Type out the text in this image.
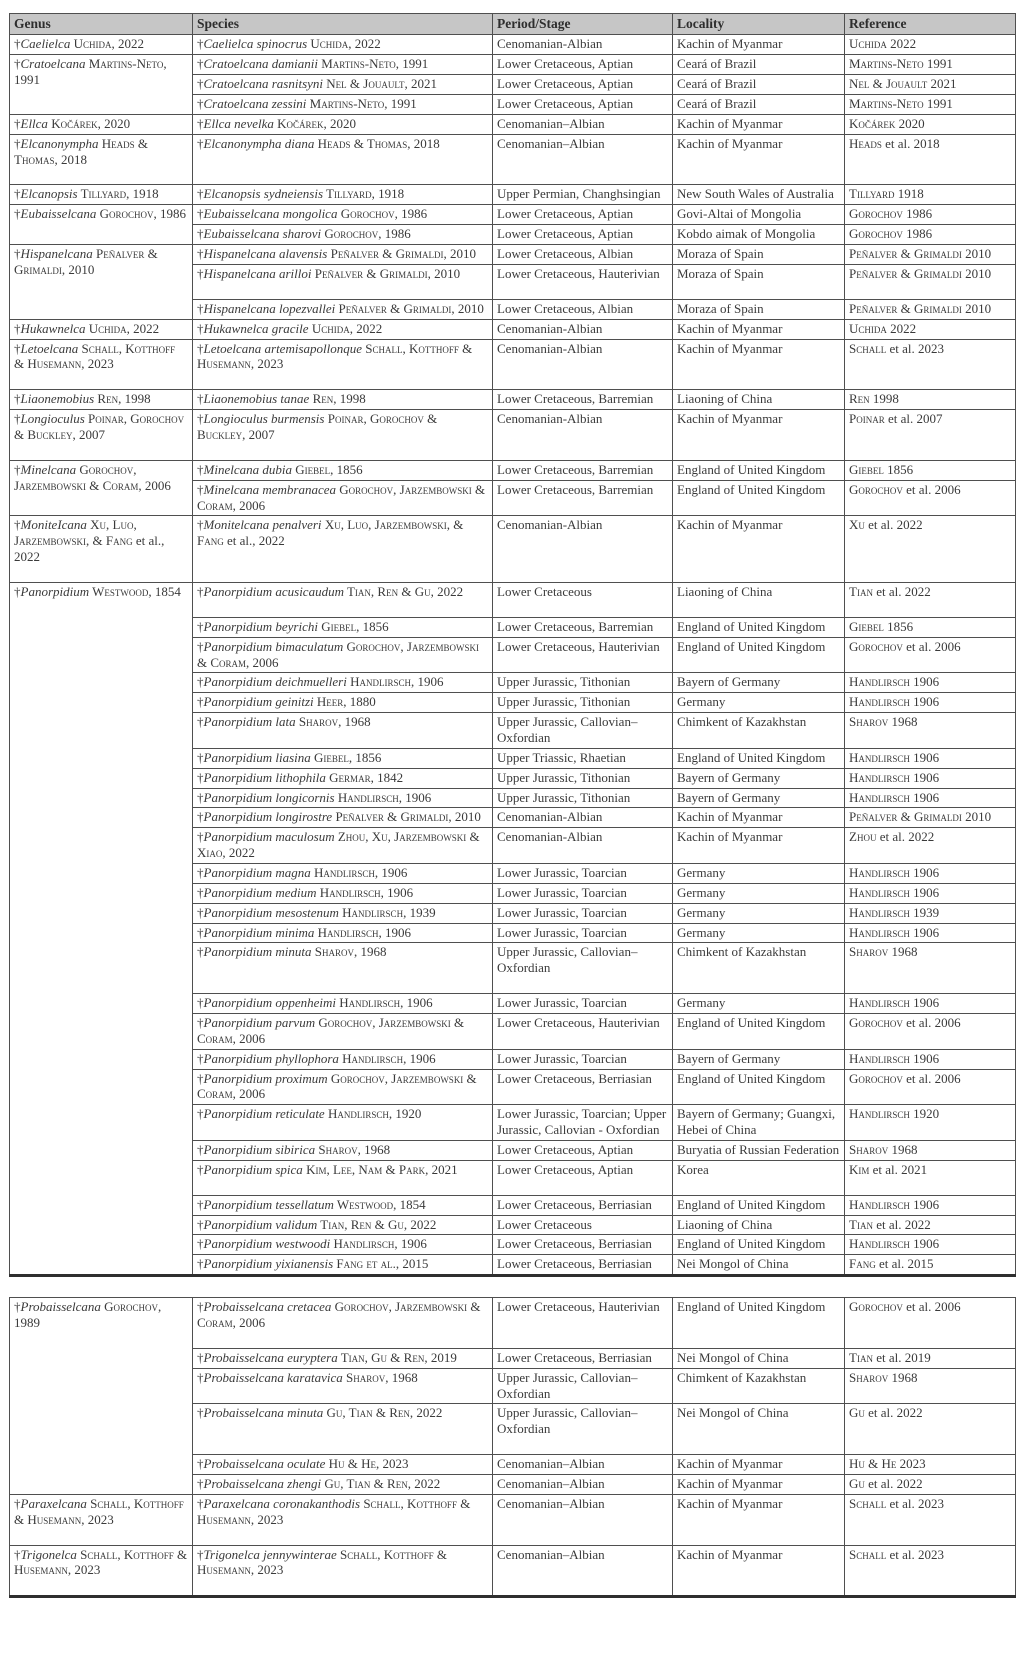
Genus	Species	Period/Stage	Locality	Reference
†Caelielca Uchida, 2022	†Caelielca spinocrus Uchida, 2022	Cenomanian-Albian	Kachin of Myanmar	Uchida 2022
†Cratoelcana Martins-Neto, 1991	†Cratoelcana damianii Martins-Neto, 1991	Lower Cretaceous, Aptian	Ceará of Brazil	Martins-Neto 1991
	†Cratoelcana rasnitsyni Nel & Jouault, 2021	Lower Cretaceous, Aptian	Ceará of Brazil	Nel & Jouault 2021
	†Cratoelcana zessini Martins-Neto, 1991	Lower Cretaceous, Aptian	Ceará of Brazil	Martins-Neto 1991
†Ellca Kočárek, 2020	†Ellca nevelka Kočárek, 2020	Cenomanian–Albian	Kachin of Myanmar	Kočárek 2020
†Elcanonympha Heads & Thomas, 2018	†Elcanonympha diana Heads & Thomas, 2018	Cenomanian–Albian	Kachin of Myanmar	Heads et al. 2018
†Elcanopsis Tillyard, 1918	†Elcanopsis sydneiensis Tillyard, 1918	Upper Permian, Changhsingian	New South Wales of Australia	Tillyard 1918
†Eubaisselcana Gorochov, 1986	†Eubaisselcana mongolica Gorochov, 1986	Lower Cretaceous, Aptian	Govi-Altai of Mongolia	Gorochov 1986
	†Eubaisselcana sharovi Gorochov, 1986	Lower Cretaceous, Aptian	Kobdo aimak of Mongolia	Gorochov 1986
†Hispanelcana Peñalver & Grimaldi, 2010	†Hispanelcana alavensis Peñalver & Grimaldi, 2010	Lower Cretaceous, Albian	Moraza of Spain	Peñalver & Grimaldi 2010
	†Hispanelcana arilloi Peñalver & Grimaldi, 2010	Lower Cretaceous, Hauterivian	Moraza of Spain	Peñalver & Grimaldi 2010
	†Hispanelcana lopezvallei Peñalver & Grimaldi, 2010	Lower Cretaceous, Albian	Moraza of Spain	Peñalver & Grimaldi 2010
†Hukawnelca Uchida, 2022	†Hukawnelca gracile Uchida, 2022	Cenomanian-Albian	Kachin of Myanmar	Uchida 2022
†Letoelcana Schall, Kotthoff & Husemann, 2023	†Letoelcana artemisapollonque Schall, Kotthoff & Husemann, 2023	Cenomanian-Albian	Kachin of Myanmar	Schall et al. 2023
†Liaonemobius Ren, 1998	†Liaonemobius tanae Ren, 1998	Lower Cretaceous, Barremian	Liaoning of China	Ren 1998
†Longioculus Poinar, Gorochov & Buckley, 2007	†Longioculus burmensis Poinar, Gorochov & Buckley, 2007	Cenomanian-Albian	Kachin of Myanmar	Poinar et al. 2007
†Minelcana Gorochov, Jarzembowski & Coram, 2006	†Minelcana dubia Giebel, 1856	Lower Cretaceous, Barremian	England of United Kingdom	Giebel 1856
	†Minelcana membranacea Gorochov, Jarzembowski & Coram, 2006	Lower Cretaceous, Barremian	England of United Kingdom	Gorochov et al. 2006
†MoniteIcana Xu, Luo, Jarzembowski, & Fang et al., 2022	†Monitelcana penalveri Xu, Luo, Jarzembowski, & Fang et al., 2022	Cenomanian-Albian	Kachin of Myanmar	Xu et al. 2022
†Panorpidium Westwood, 1854	†Panorpidium acusicaudum Tian, Ren & Gu, 2022	Lower Cretaceous	Liaoning of China	Tian et al. 2022
	†Panorpidium beyrichi Giebel, 1856	Lower Cretaceous, Barremian	England of United Kingdom	Giebel 1856
	†Panorpidium bimaculatum Gorochov, Jarzembowski & Coram, 2006	Lower Cretaceous, Hauterivian	England of United Kingdom	Gorochov et al. 2006
	†Panorpidium deichmuelleri Handlirsch, 1906	Upper Jurassic, Tithonian	Bayern of Germany	Handlirsch 1906
	†Panorpidium geinitzi Heer, 1880	Upper Jurassic, Tithonian	Germany	Handlirsch 1906
	†Panorpidium lata Sharov, 1968	Upper Jurassic, Callovian–Oxfordian	Chimkent of Kazakhstan	Sharov 1968
	†Panorpidium liasina Giebel, 1856	Upper Triassic, Rhaetian	England of United Kingdom	Handlirsch 1906
	†Panorpidium lithophila Germar, 1842	Upper Jurassic, Tithonian	Bayern of Germany	Handlirsch 1906
	†Panorpidium longicornis Handlirsch, 1906	Upper Jurassic, Tithonian	Bayern of Germany	Handlirsch 1906
	†Panorpidium longirostre Peñalver & Grimaldi, 2010	Cenomanian-Albian	Kachin of Myanmar	Peñalver & Grimaldi 2010
	†Panorpidium maculosum Zhou, Xu, Jarzembowski & Xiao, 2022	Cenomanian-Albian	Kachin of Myanmar	Zhou et al. 2022
	†Panorpidium magna Handlirsch, 1906	Lower Jurassic, Toarcian	Germany	Handlirsch 1906
	†Panorpidium medium Handlirsch, 1906	Lower Jurassic, Toarcian	Germany	Handlirsch 1906
	†Panorpidium mesostenum Handlirsch, 1939	Lower Jurassic, Toarcian	Germany	Handlirsch 1939
	†Panorpidium minima Handlirsch, 1906	Lower Jurassic, Toarcian	Germany	Handlirsch 1906
	†Panorpidium minuta Sharov, 1968	Upper Jurassic, Callovian–Oxfordian	Chimkent of Kazakhstan	Sharov 1968
	†Panorpidium oppenheimi Handlirsch, 1906	Lower Jurassic, Toarcian	Germany	Handlirsch 1906
	†Panorpidium parvum Gorochov, Jarzembowski & Coram, 2006	Lower Cretaceous, Hauterivian	England of United Kingdom	Gorochov et al. 2006
	†Panorpidium phyllophora Handlirsch, 1906	Lower Jurassic, Toarcian	Bayern of Germany	Handlirsch 1906
	†Panorpidium proximum Gorochov, Jarzembowski & Coram, 2006	Lower Cretaceous, Berriasian	England of United Kingdom	Gorochov et al. 2006
	†Panorpidium reticulate Handlirsch, 1920	Lower Jurassic, Toarcian; Upper Jurassic, Callovian - Oxfordian	Bayern of Germany; Guangxi, Hebei of China	Handlirsch 1920
	†Panorpidium sibirica Sharov, 1968	Lower Cretaceous, Aptian	Buryatia of Russian Federation	Sharov 1968
	†Panorpidium spica Kim, Lee, Nam & Park, 2021	Lower Cretaceous, Aptian	Korea	Kim et al. 2021
	†Panorpidium tessellatum Westwood, 1854	Lower Cretaceous, Berriasian	England of United Kingdom	Handlirsch 1906
	†Panorpidium validum Tian, Ren & Gu, 2022	Lower Cretaceous	Liaoning of China	Tian et al. 2022
	†Panorpidium westwoodi Handlirsch, 1906	Lower Cretaceous, Berriasian	England of United Kingdom	Handlirsch 1906
	†Panorpidium yixianensis Fang et al., 2015	Lower Cretaceous, Berriasian	Nei Mongol of China	Fang et al. 2015
†Probaisselcana Gorochov, 1989	†Probaisselcana cretacea Gorochov, Jarzembowski & Coram, 2006	Lower Cretaceous, Hauterivian	England of United Kingdom	Gorochov et al. 2006
	†Probaisselcana euryptera Tian, Gu & Ren, 2019	Lower Cretaceous, Berriasian	Nei Mongol of China	Tian et al. 2019
	†Probaisselcana karatavica Sharov, 1968	Upper Jurassic, Callovian–Oxfordian	Chimkent of Kazakhstan	Sharov 1968
	†Probaisselcana minuta Gu, Tian & Ren, 2022	Upper Jurassic, Callovian–Oxfordian	Nei Mongol of China	Gu et al. 2022
	†Probaisselcana oculate Hu & He, 2023	Cenomanian–Albian	Kachin of Myanmar	Hu & He 2023
	†Probaisselcana zhengi Gu, Tian & Ren, 2022	Cenomanian–Albian	Kachin of Myanmar	Gu et al. 2022
†Paraxelcana Schall, Kotthoff & Husemann, 2023	†Paraxelcana coronakanthodis Schall, Kotthoff & Husemann, 2023	Cenomanian–Albian	Kachin of Myanmar	Schall et al. 2023
†Trigonelca Schall, Kotthoff & Husemann, 2023	†Trigonelca jennywinterae Schall, Kotthoff & Husemann, 2023	Cenomanian–Albian	Kachin of Myanmar	Schall et al. 2023
